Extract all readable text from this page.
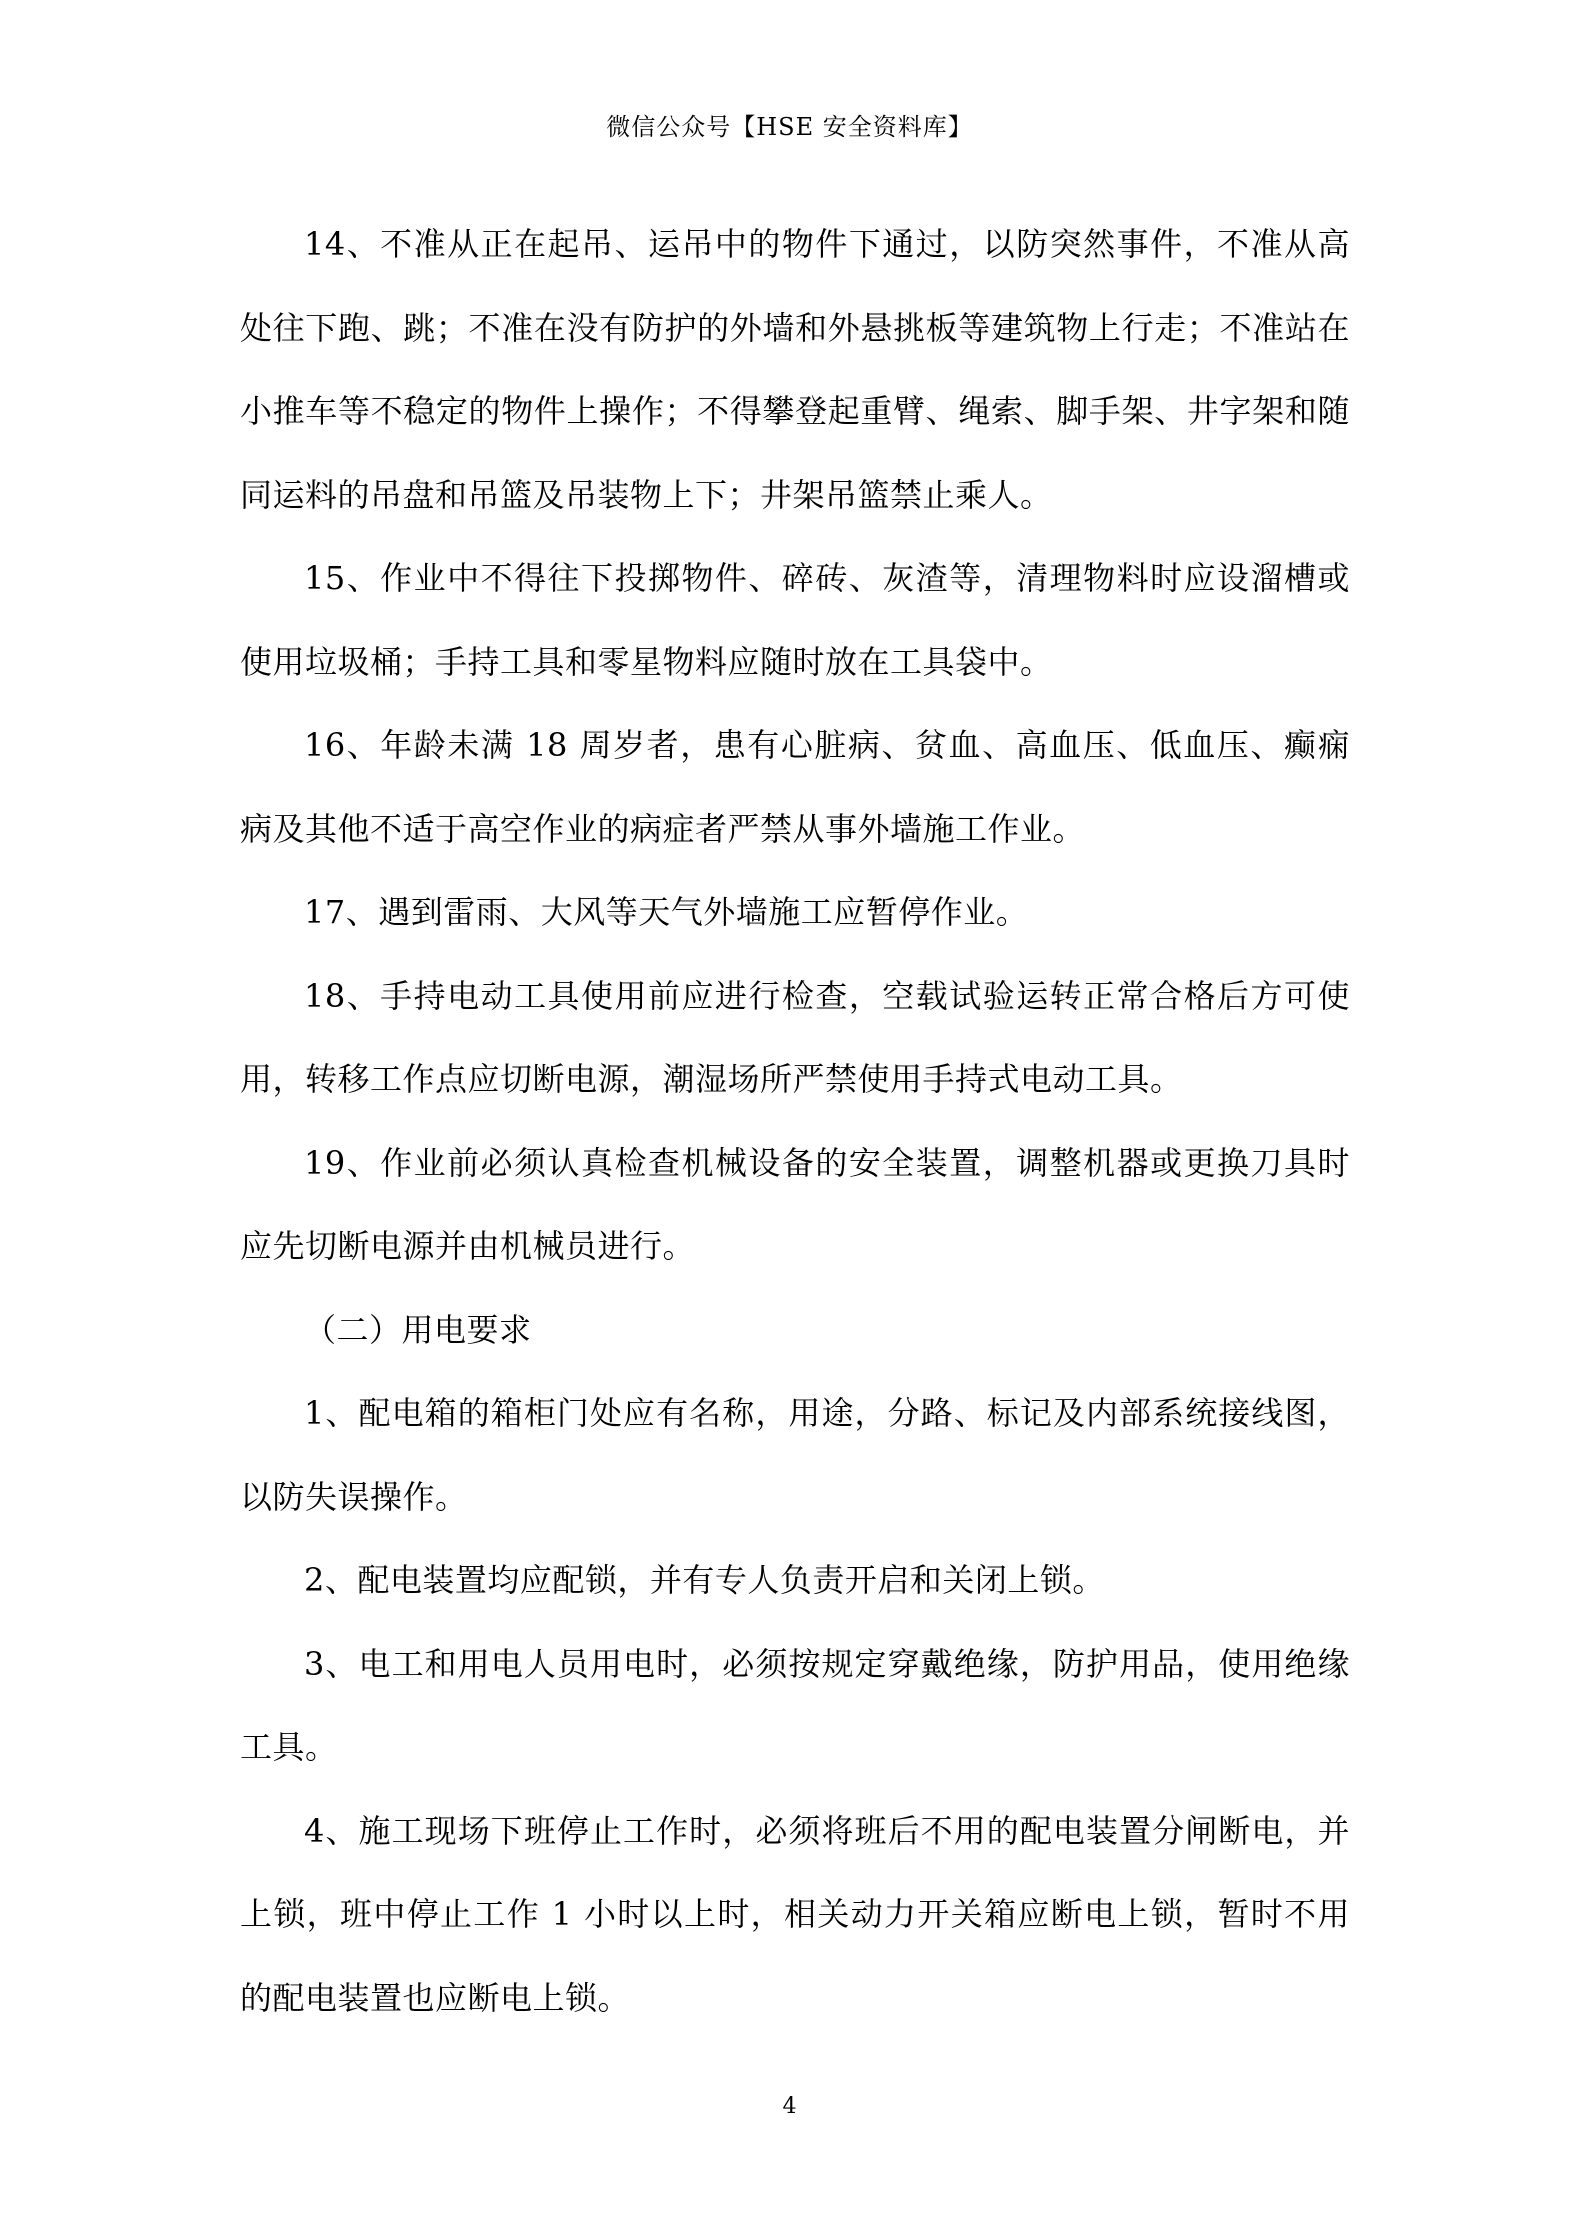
微信公众号【HSE 安全资料库】

14、不准从正在起吊、运吊中的物件下通过，以防突然事件，不准从高处往下跑、跳；不准在没有防护的外墙和外悬挑板等建筑物上行走；不准站在小推车等不稳定的物件上操作；不得攀登起重臂、绳索、脚手架、井字架和随同运料的吊盘和吊篮及吊装物上下；井架吊篮禁止乘人。

15、作业中不得往下投掷物件、碎砖、灰渣等，清理物料时应设溜槽或使用垃圾桶；手持工具和零星物料应随时放在工具袋中。

16、年龄未满 18 周岁者，患有心脏病、贫血、高血压、低血压、癫痫病及其他不适于高空作业的病症者严禁从事外墙施工作业。

17、遇到雷雨、大风等天气外墙施工应暂停作业。

18、手持电动工具使用前应进行检查，空载试验运转正常合格后方可使用，转移工作点应切断电源，潮湿场所严禁使用手持式电动工具。

19、作业前必须认真检查机械设备的安全装置，调整机器或更换刀具时应先切断电源并由机械员进行。

（二）用电要求

1、配电箱的箱柜门处应有名称，用途，分路、标记及内部系统接线图，以防失误操作。

2、配电装置均应配锁，并有专人负责开启和关闭上锁。

3、电工和用电人员用电时，必须按规定穿戴绝缘，防护用品，使用绝缘工具。

4、施工现场下班停止工作时，必须将班后不用的配电装置分闸断电，并上锁，班中停止工作 1 小时以上时，相关动力开关箱应断电上锁，暂时不用的配电装置也应断电上锁。

4
